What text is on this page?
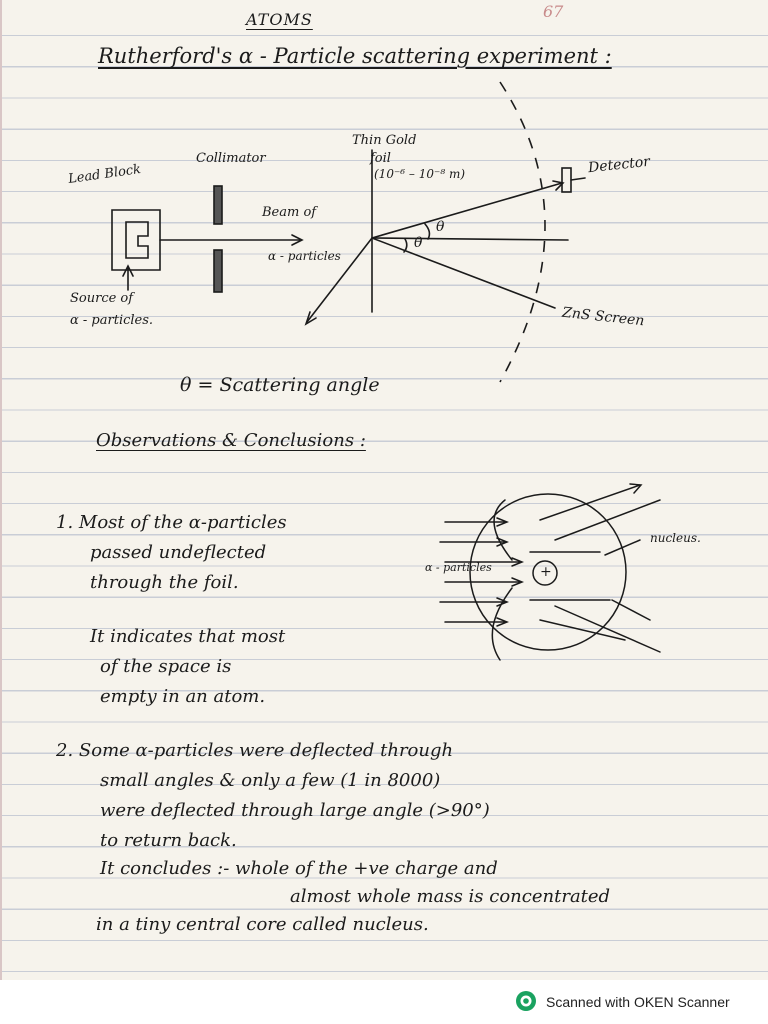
67
ATOMS
Rutherford's α - Particle scattering experiment :
Lead Block
Collimator
Thin Gold
foil
(10⁻⁶ – 10⁻⁸ m)	Detector
Beam of
α - particles
θ
θ
Source of
α - particles.	ZnS Screen
θ = Scattering angle
Observations & Conclusions :
1. Most of the α-particles
passed undeflected
through the foil.
It indicates that most
of the space is
empty in an atom.
α - particles
nucleus.
+
2. Some α-particles were deflected through
small angles & only a few (1 in 8000)
were deflected through large angle (>90°)
to return back.
It concludes :- whole of the +ve charge and
almost whole mass is concentrated
in a tiny central core called nucleus.
Scanned with OKEN Scanner
